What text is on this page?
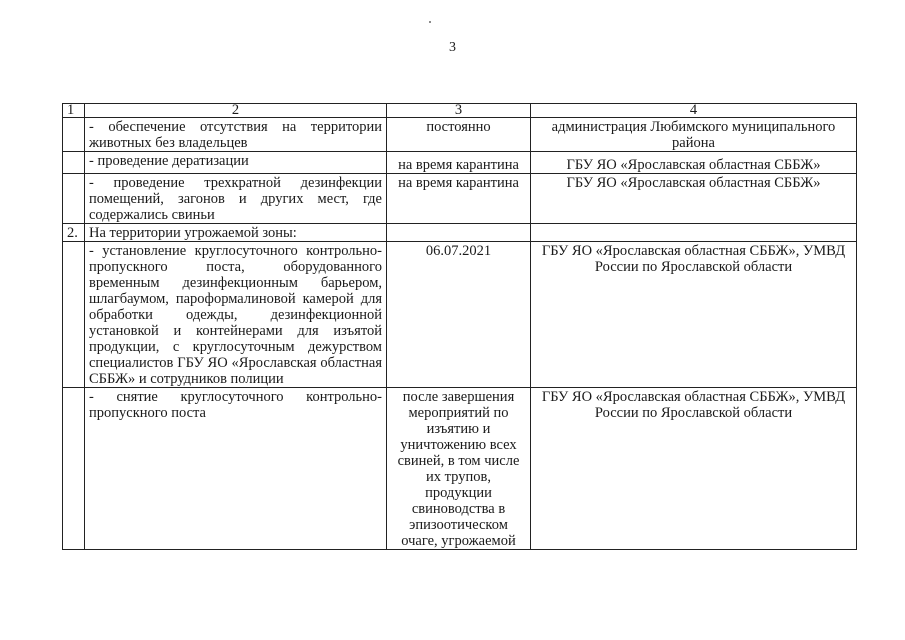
3
1	2	3	4

	- обеспечение отсутствия на территории животных без владельцев	постоянно	администрация Любимского муниципального района

	- проведение дератизации	на время карантина	ГБУ ЯО «Ярославская областная СББЖ»

	- проведение трехкратной дезинфекции помещений, загонов и других мест, где содержались свиньи	на время карантина	ГБУ ЯО «Ярославская областная СББЖ»
2.	На территории угрожаемой зоны:		

	- установление круглосуточного контрольно-пропускного поста, оборудованного временным дезинфекционным барьером, шлагбаумом, пароформалиновой камерой для обработки одежды, дезинфекционной установкой и контейнерами для изъятой продукции, с круглосуточным дежурством специалистов ГБУ ЯО «Ярославская областная СББЖ» и сотрудников полиции	06.07.2021	ГБУ ЯО «Ярославская областная СББЖ», УМВД России по Ярославской области

	- снятие круглосуточного контрольно-пропускного поста	после завершения мероприятий по изъятию и уничтожению всех свиней, в том числе их трупов, продукции свиноводства в эпизоотическом очаге, угрожаемой	ГБУ ЯО «Ярославская областная СББЖ», УМВД России по Ярославской области
